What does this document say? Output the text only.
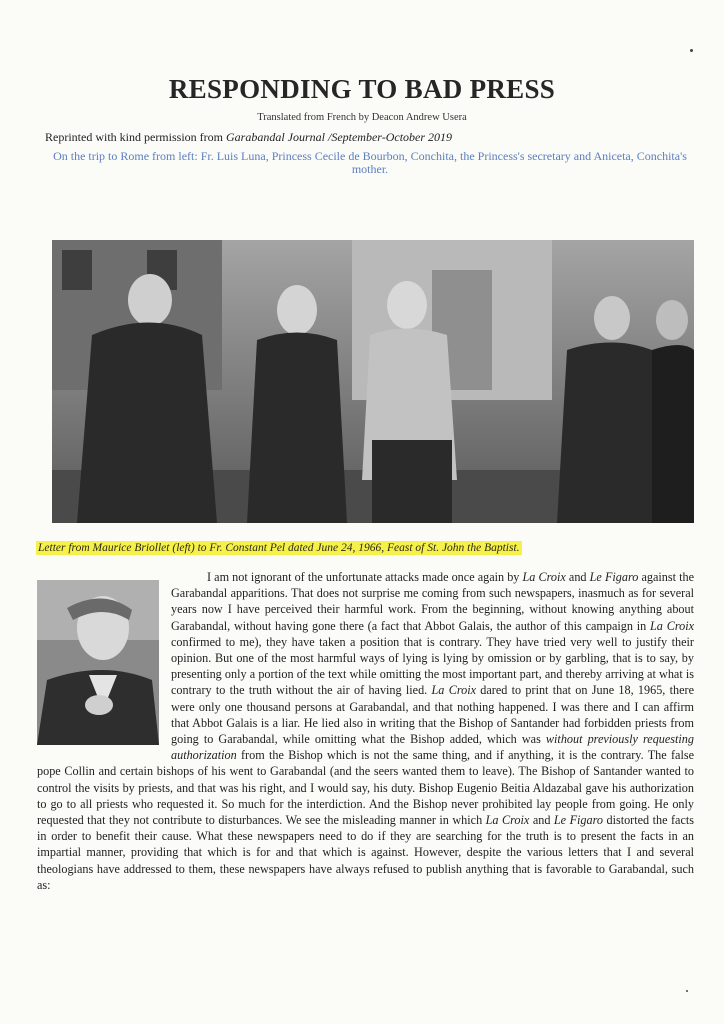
RESPONDING TO BAD PRESS
Translated from French by Deacon Andrew Usera
Reprinted with kind permission from Garabandal Journal /September-October 2019
On the trip to Rome from left: Fr. Luis Luna, Princess Cecile de Bourbon, Conchita, the Princess's secretary and Aniceta, Conchita's mother.
Letter from Maurice Briollet (left) to Fr. Constant Pel dated June 24, 1966, Feast of St. John the Baptist.

I am not ignorant of the unfortunate attacks made once again by La Croix and Le Figaro against the Garabandal apparitions. That does not surprise me coming from such newspapers, inasmuch as for several years now I have perceived their harmful work. From the beginning, without knowing anything about Garabandal, without having gone there (a fact that Abbot Galais, the author of this campaign in La Croix confirmed to me), they have taken a position that is contrary. They have tried very well to justify their opinion. But one of the most harmful ways of lying is lying by omission or by garbling, that is to say, by presenting only a portion of the text while omitting the most important part, and thereby arriving at what is contrary to the truth without the air of having lied. La Croix dared to print that on June 18, 1965, there were only one thousand persons at Garabandal, and that nothing happened. I was there and I can affirm that Abbot Galais is a liar. He lied also in writing that the Bishop of Santander had forbidden priests from going to Garabandal, while omitting what the Bishop added, which was without previously requesting authorization from the Bishop which is not the same thing, and if anything, it is the contrary. The false pope Collin and certain bishops of his went to Garabandal (and the seers wanted them to leave). The Bishop of Santander wanted to control the visits by priests, and that was his right, and I would say, his duty. Bishop Eugenio Beitia Aldazabal gave his authorization to go to all priests who requested it. So much for the interdiction. And the Bishop never prohibited lay people from going. He only requested that they not contribute to disturbances. We see the misleading manner in which La Croix and Le Figaro distorted the facts in order to benefit their cause. What these newspapers need to do if they are searching for the truth is to present the facts in an impartial manner, providing that which is for and that which is against. However, despite the various letters that I and several theologians have addressed to them, these newspapers have always refused to publish anything that is favorable to Garabandal, such as:
